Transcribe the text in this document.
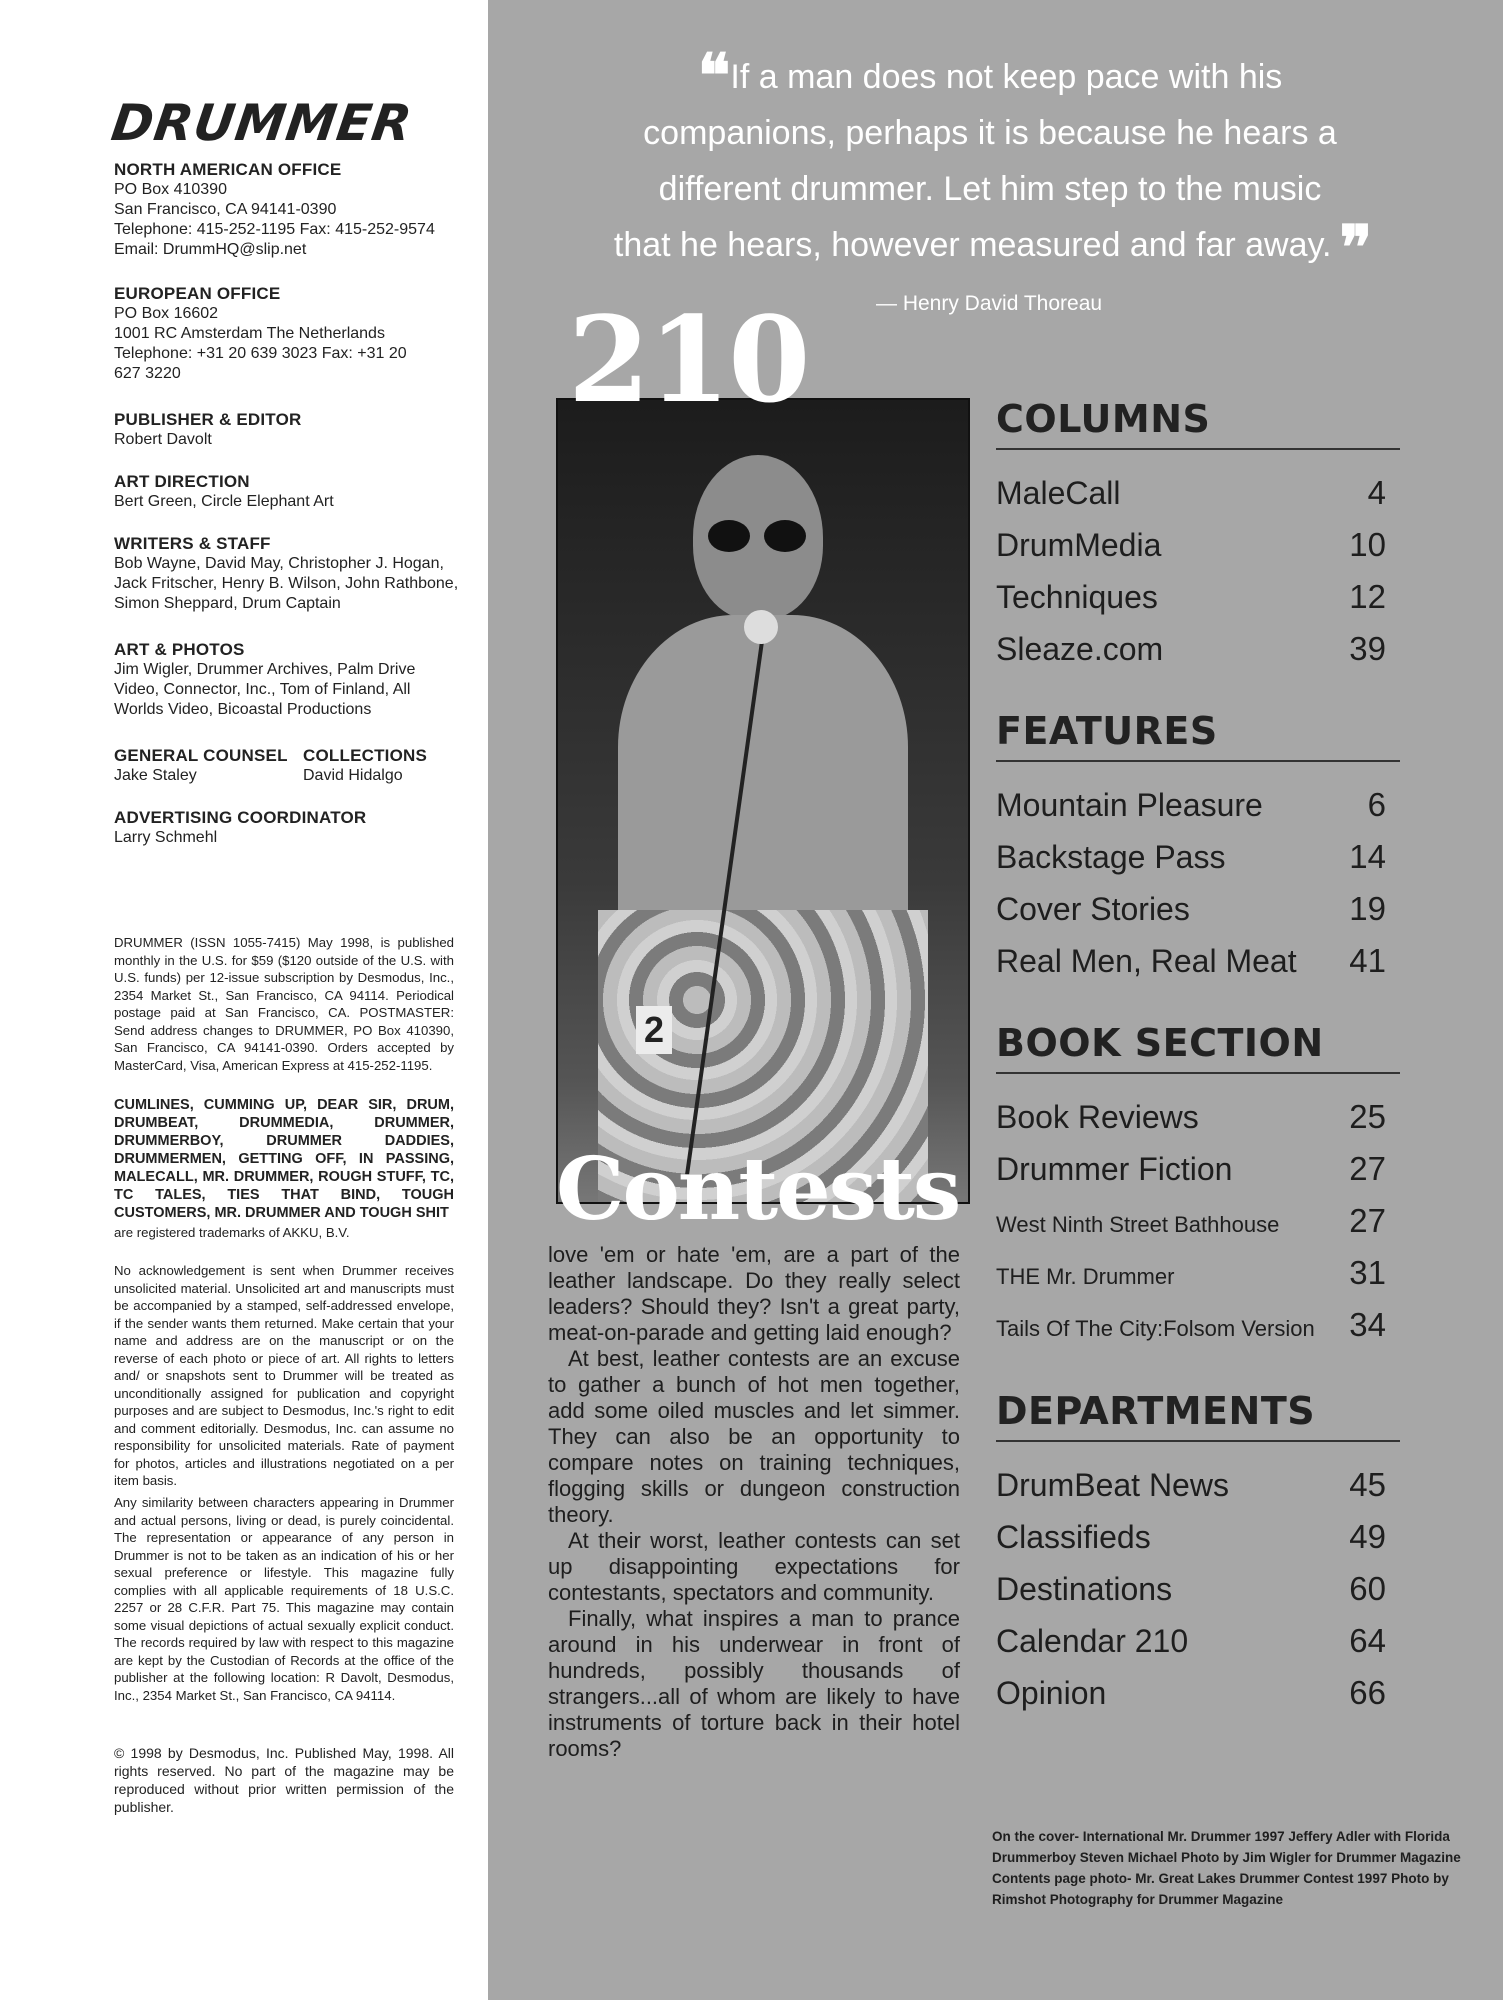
DRUMMER
NORTH AMERICAN OFFICE
PO Box 410390
San Francisco, CA 94141-0390
Telephone: 415-252-1195 Fax: 415-252-9574
Email: DrummHQ@slip.net
EUROPEAN OFFICE
PO Box 16602
1001 RC Amsterdam The Netherlands
Telephone: +31 20 639 3023 Fax: +31 20
627 3220
PUBLISHER & EDITOR
Robert Davolt
ART DIRECTION
Bert Green, Circle Elephant Art
WRITERS & STAFF
Bob Wayne, David May, Christopher J. Hogan,
Jack Fritscher, Henry B. Wilson, John Rathbone,
Simon Sheppard, Drum Captain
ART & PHOTOS
Jim Wigler, Drummer Archives, Palm Drive
Video, Connector, Inc., Tom of Finland, All
Worlds Video, Bicoastal Productions
GENERAL COUNSEL
Jake Staley
COLLECTIONS
David Hidalgo
ADVERTISING COORDINATOR
Larry Schmehl
DRUMMER (ISSN 1055-7415) May 1998, is published monthly in the U.S. for $59 ($120 outside of the U.S. with U.S. funds) per 12-issue subscription by Desmodus, Inc., 2354 Market St., San Francisco, CA 94114. Periodical postage paid at San Francisco, CA. POSTMASTER: Send address changes to DRUMMER, PO Box 410390, San Francisco, CA 94141-0390. Orders accepted by MasterCard, Visa, American Express at 415-252-1195.
CUMLINES, CUMMING UP, DEAR SIR, DRUM, DRUMBEAT, DRUMMEDIA, DRUMMER, DRUMMERBOY, DRUMMER DADDIES, DRUMMERMEN, GETTING OFF, IN PASSING, MALECALL, MR. DRUMMER, ROUGH STUFF, TC, TC TALES, TIES THAT BIND, TOUGH CUSTOMERS, MR. DRUMMER AND TOUGH SHIT
are registered trademarks of AKKU, B.V.
No acknowledgement is sent when Drummer receives unsolicited material. Unsolicited art and manuscripts must be accompanied by a stamped, self-addressed envelope, if the sender wants them returned. Make certain that your name and address are on the manuscript or on the reverse of each photo or piece of art. All rights to letters and/ or snapshots sent to Drummer will be treated as unconditionally assigned for publication and copyright purposes and are subject to Desmodus, Inc.'s right to edit and comment editorially. Desmodus, Inc. can assume no responsibility for unsolicited materials. Rate of payment for photos, articles and illustrations negotiated on a per item basis.
Any similarity between characters appearing in Drummer and actual persons, living or dead, is purely coincidental. The representation or appearance of any person in Drummer is not to be taken as an indication of his or her sexual preference or lifestyle. This magazine fully complies with all applicable requirements of 18 U.S.C. 2257 or 28 C.F.R. Part 75. This magazine may contain some visual depictions of actual sexually explicit conduct. The records required by law with respect to this magazine are kept by the Custodian of Records at the office of the publisher at the following location: R Davolt, Desmodus, Inc., 2354 Market St., San Francisco, CA 94114.
© 1998 by Desmodus, Inc. Published May, 1998. All rights reserved. No part of the magazine may be reproduced without prior written permission of the publisher.
❛❛ If a man does not keep pace with his
companions, perhaps it is because he hears a
different drummer. Let him step to the music
that he hears, however measured and far away. ❜❜
— Henry David Thoreau
2
210
Contests

love 'em or hate 'em, are a part of the leather landscape. Do they really select leaders? Should they? Isn't a great party, meat-on-parade and getting laid enough?

At best, leather contests are an excuse to gather a bunch of hot men together, add some oiled muscles and let simmer. They can also be an opportunity to compare notes on training techniques, flogging skills or dungeon construction theory.

At their worst, leather contests can set up disappointing expectations for contestants, spectators and community.

Finally, what inspires a man to prance around in his underwear in front of hundreds, possibly thousands of strangers...all of whom are likely to have instruments of torture back in their hotel rooms?

COLUMNS
MaleCall	4
DrumMedia	10
Techniques	12
Sleaze.com	39
FEATURES
Mountain Pleasure	6
Backstage Pass	14
Cover Stories	19
Real Men, Real Meat 41
BOOK SECTION
Book Reviews	25
Drummer Fiction	27
West Ninth Street Bathhouse 27
THE Mr. Drummer	31
Tails Of The City:Folsom Version 34
DEPARTMENTS
DrumBeat News	45
Classifieds	49
Destinations	60
Calendar 210	64
Opinion	66
On the cover- International Mr. Drummer 1997 Jeffery Adler with Florida
Drummerboy Steven Michael Photo by Jim Wigler for Drummer Magazine
Contents page photo- Mr. Great Lakes Drummer Contest 1997 Photo by
Rimshot Photography for Drummer Magazine
